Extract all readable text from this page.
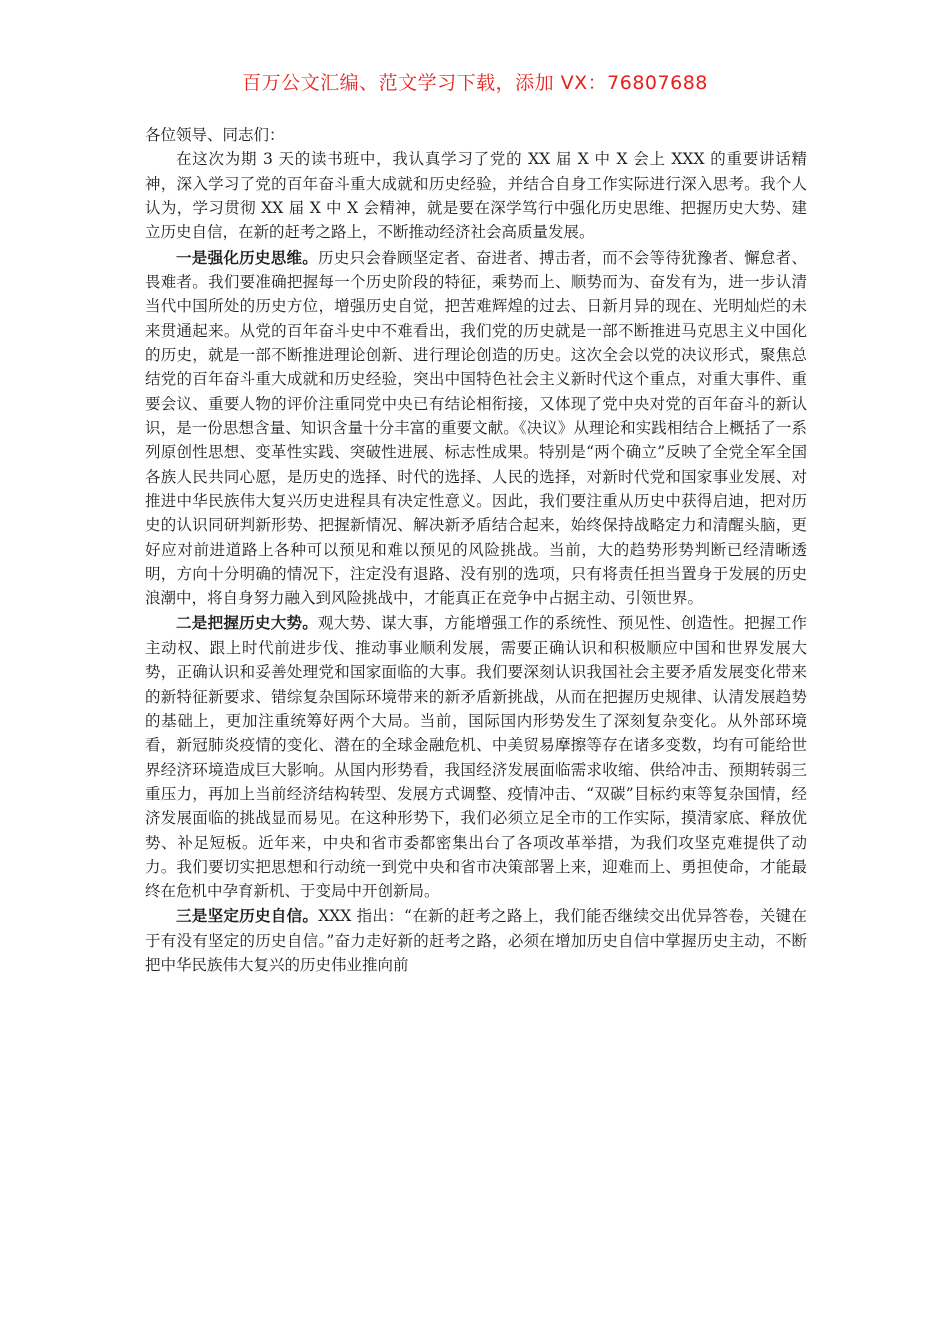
百万公文汇编、范文学习下载，添加 VX：76807688

各位领导、同志们：

在这次为期 3 天的读书班中，我认真学习了党的 XX 届 X 中 X 会上 XXX 的重要讲话精神，深入学习了党的百年奋斗重大成就和历史经验，并结合自身工作实际进行深入思考。我个人认为，学习贯彻 XX 届 X 中 X 会精神，就是要在深学笃行中强化历史思维、把握历史大势、建立历史自信，在新的赶考之路上，不断推动经济社会高质量发展。

一是强化历史思维。历史只会眷顾坚定者、奋进者、搏击者，而不会等待犹豫者、懈怠者、畏难者。我们要准确把握每一个历史阶段的特征，乘势而上、顺势而为、奋发有为，进一步认清当代中国所处的历史方位，增强历史自觉，把苦难辉煌的过去、日新月异的现在、光明灿烂的未来贯通起来。从党的百年奋斗史中不难看出，我们党的历史就是一部不断推进马克思主义中国化的历史，就是一部不断推进理论创新、进行理论创造的历史。这次全会以党的决议形式，聚焦总结党的百年奋斗重大成就和历史经验，突出中国特色社会主义新时代这个重点，对重大事件、重要会议、重要人物的评价注重同党中央已有结论相衔接，又体现了党中央对党的百年奋斗的新认识，是一份思想含量、知识含量十分丰富的重要文献。《决议》从理论和实践相结合上概括了一系列原创性思想、变革性实践、突破性进展、标志性成果。特别是“两个确立”反映了全党全军全国各族人民共同心愿，是历史的选择、时代的选择、人民的选择，对新时代党和国家事业发展、对推进中华民族伟大复兴历史进程具有决定性意义。因此，我们要注重从历史中获得启迪，把对历史的认识同研判新形势、把握新情况、解决新矛盾结合起来，始终保持战略定力和清醒头脑，更好应对前进道路上各种可以预见和难以预见的风险挑战。当前，大的趋势形势判断已经清晰透明，方向十分明确的情况下，注定没有退路、没有别的选项，只有将责任担当置身于发展的历史浪潮中，将自身努力融入到风险挑战中，才能真正在竞争中占据主动、引领世界。

二是把握历史大势。观大势、谋大事，方能增强工作的系统性、预见性、创造性。把握工作主动权、跟上时代前进步伐、推动事业顺利发展，需要正确认识和积极顺应中国和世界发展大势，正确认识和妥善处理党和国家面临的大事。我们要深刻认识我国社会主要矛盾发展变化带来的新特征新要求、错综复杂国际环境带来的新矛盾新挑战，从而在把握历史规律、认清发展趋势的基础上，更加注重统筹好两个大局。当前，国际国内形势发生了深刻复杂变化。从外部环境看，新冠肺炎疫情的变化、潜在的全球金融危机、中美贸易摩擦等存在诸多变数，均有可能给世界经济环境造成巨大影响。从国内形势看，我国经济发展面临需求收缩、供给冲击、预期转弱三重压力，再加上当前经济结构转型、发展方式调整、疫情冲击、“双碳”目标约束等复杂国情，经济发展面临的挑战显而易见。在这种形势下，我们必须立足全市的工作实际，摸清家底、释放优势、补足短板。近年来，中央和省市委都密集出台了各项改革举措，为我们攻坚克难提供了动力。我们要切实把思想和行动统一到党中央和省市决策部署上来，迎难而上、勇担使命，才能最终在危机中孕育新机、于变局中开创新局。

三是坚定历史自信。XXX 指出：“在新的赶考之路上，我们能否继续交出优异答卷，关键在于有没有坚定的历史自信。”奋力走好新的赶考之路，必须在增加历史自信中掌握历史主动，不断把中华民族伟大复兴的历史伟业推向前
